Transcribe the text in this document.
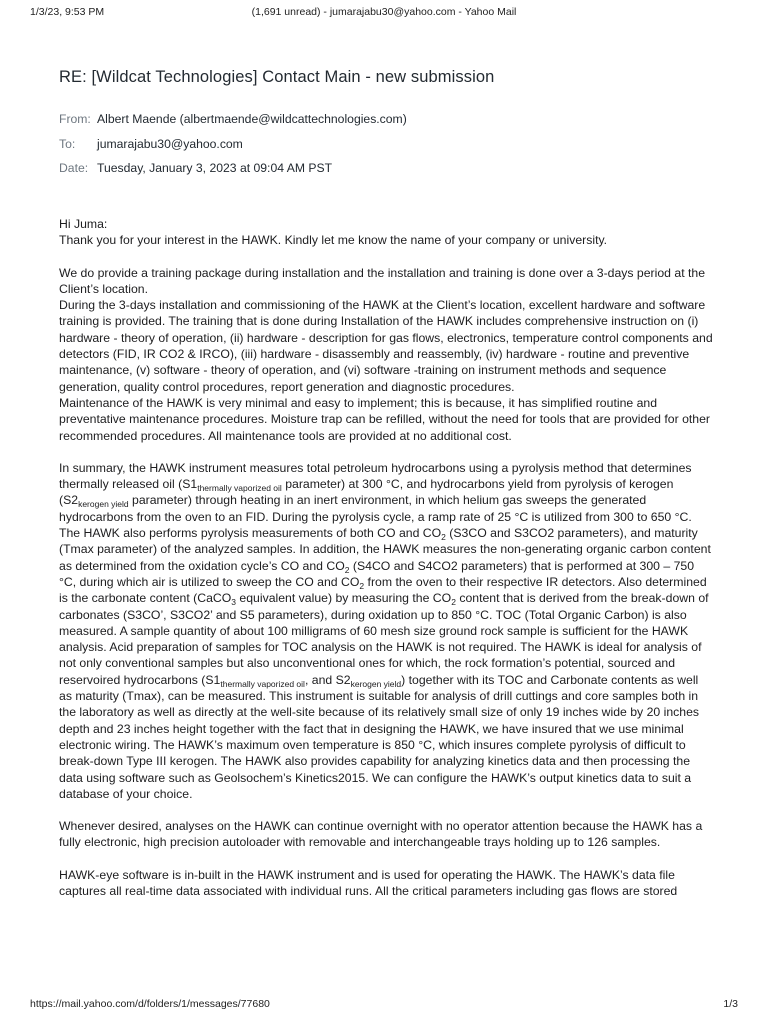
1/3/23, 9:53 PM	(1,691 unread) - jumarajabu30@yahoo.com - Yahoo Mail
RE: [Wildcat Technologies] Contact Main - new submission
From: Albert Maende (albertmaende@wildcattechnologies.com)
To: jumarajabu30@yahoo.com
Date: Tuesday, January 3, 2023 at 09:04 AM PST

Hi Juma:

Thank you for your interest in the HAWK. Kindly let me know the name of your company or university.

We do provide a training package during installation and the installation and training is done over a 3-days period at the Client’s location.

During the 3-days installation and commissioning of the HAWK at the Client’s location, excellent hardware and software training is provided. The training that is done during Installation of the HAWK includes comprehensive instruction on (i) hardware - theory of operation, (ii) hardware - description for gas flows, electronics, temperature control components and detectors (FID, IR CO2 & IRCO), (iii) hardware - disassembly and reassembly, (iv) hardware - routine and preventive maintenance, (v) software - theory of operation, and (vi) software -training on instrument methods and sequence generation, quality control procedures, report generation and diagnostic procedures.

Maintenance of the HAWK is very minimal and easy to implement; this is because, it has simplified routine and preventative maintenance procedures. Moisture trap can be refilled, without the need for tools that are provided for other recommended procedures. All maintenance tools are provided at no additional cost.

In summary, the HAWK instrument measures total petroleum hydrocarbons using a pyrolysis method that determines thermally released oil ($S1_{thermally vaporized oil}$ parameter) at 300 °C, and hydrocarbons yield from pyrolysis of kerogen ($S2_{kerogen yield}$ parameter) through heating in an inert environment, in which helium gas sweeps the generated hydrocarbons from the oven to an FID. During the pyrolysis cycle, a ramp rate of 25 °C is utilized from 300 to 650 °C. The HAWK also performs pyrolysis measurements of both CO and $CO_2$ (S3CO and S3CO2 parameters), and maturity (Tmax parameter) of the analyzed samples. In addition, the HAWK measures the non-generating organic carbon content as determined from the oxidation cycle’s CO and $CO_2$ (S4CO and S4CO2 parameters) that is performed at 300 – 750 °C, during which air is utilized to sweep the CO and $CO_2$ from the oven to their respective IR detectors. Also determined is the carbonate content (CaCO$_3$ equivalent value) by measuring the $CO_2$ content that is derived from the break-down of carbonates (S3CO’, S3CO2’ and S5 parameters), during oxidation up to 850 °C. TOC (Total Organic Carbon) is also measured. A sample quantity of about 100 milligrams of 60 mesh size ground rock sample is sufficient for the HAWK analysis. Acid preparation of samples for TOC analysis on the HAWK is not required. The HAWK is ideal for analysis of not only conventional samples but also unconventional ones for which, the rock formation’s potential, sourced and reservoired hydrocarbons ($S1_{thermally vaporized oil}$, and $S2_{kerogen yield}$) together with its TOC and Carbonate contents as well as maturity (Tmax), can be measured. This instrument is suitable for analysis of drill cuttings and core samples both in the laboratory as well as directly at the well-site because of its relatively small size of only 19 inches wide by 20 inches depth and 23 inches height together with the fact that in designing the HAWK, we have insured that we use minimal electronic wiring. The HAWK’s maximum oven temperature is 850 °C, which insures complete pyrolysis of difficult to break-down Type III kerogen. The HAWK also provides capability for analyzing kinetics data and then processing the data using software such as Geolsochem’s Kinetics2015. We can configure the HAWK’s output kinetics data to suit a database of your choice.

Whenever desired, analyses on the HAWK can continue overnight with no operator attention because the HAWK has a fully electronic, high precision autoloader with removable and interchangeable trays holding up to 126 samples.

HAWK-eye software is in-built in the HAWK instrument and is used for operating the HAWK. The HAWK’s data file captures all real-time data associated with individual runs. All the critical parameters including gas flows are stored

https://mail.yahoo.com/d/folders/1/messages/77680	1/3
